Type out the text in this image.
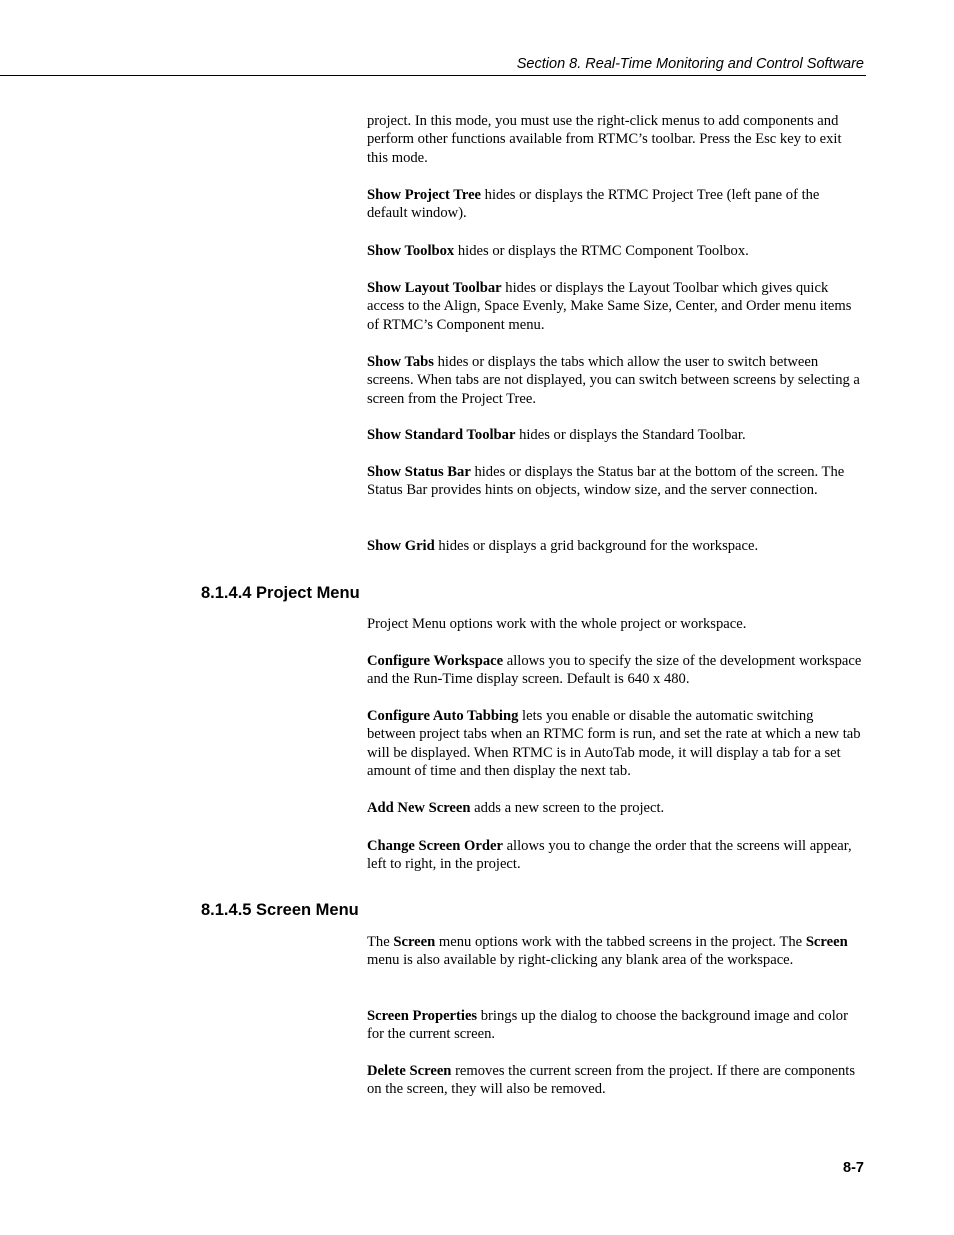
Section 8. Real-Time Monitoring and Control Software

project. In this mode, you must use the right-click menus to add components and perform other functions available from RTMC’s toolbar. Press the Esc key to exit this mode.

Show Project Tree hides or displays the RTMC Project Tree (left pane of the default window).

Show Toolbox hides or displays the RTMC Component Toolbox.

Show Layout Toolbar hides or displays the Layout Toolbar which gives quick access to the Align, Space Evenly, Make Same Size, Center, and Order menu items of RTMC’s Component menu.

Show Tabs hides or displays the tabs which allow the user to switch between screens. When tabs are not displayed, you can switch between screens by selecting a screen from the Project Tree.

Show Standard Toolbar hides or displays the Standard Toolbar.

Show Status Bar hides or displays the Status bar at the bottom of the screen. The Status Bar provides hints on objects, window size, and the server connection.

Show Grid hides or displays a grid background for the workspace.

8.1.4.4 Project Menu

Project Menu options work with the whole project or workspace.

Configure Workspace allows you to specify the size of the development workspace and the Run-Time display screen. Default is 640 x 480.

Configure Auto Tabbing lets you enable or disable the automatic switching between project tabs when an RTMC form is run, and set the rate at which a new tab will be displayed. When RTMC is in AutoTab mode, it will display a tab for a set amount of time and then display the next tab.

Add New Screen adds a new screen to the project.

Change Screen Order allows you to change the order that the screens will appear, left to right, in the project.

8.1.4.5 Screen Menu

The Screen menu options work with the tabbed screens in the project. The Screen menu is also available by right-clicking any blank area of the workspace.

Screen Properties brings up the dialog to choose the background image and color for the current screen.

Delete Screen removes the current screen from the project. If there are components on the screen, they will also be removed.

8-7
